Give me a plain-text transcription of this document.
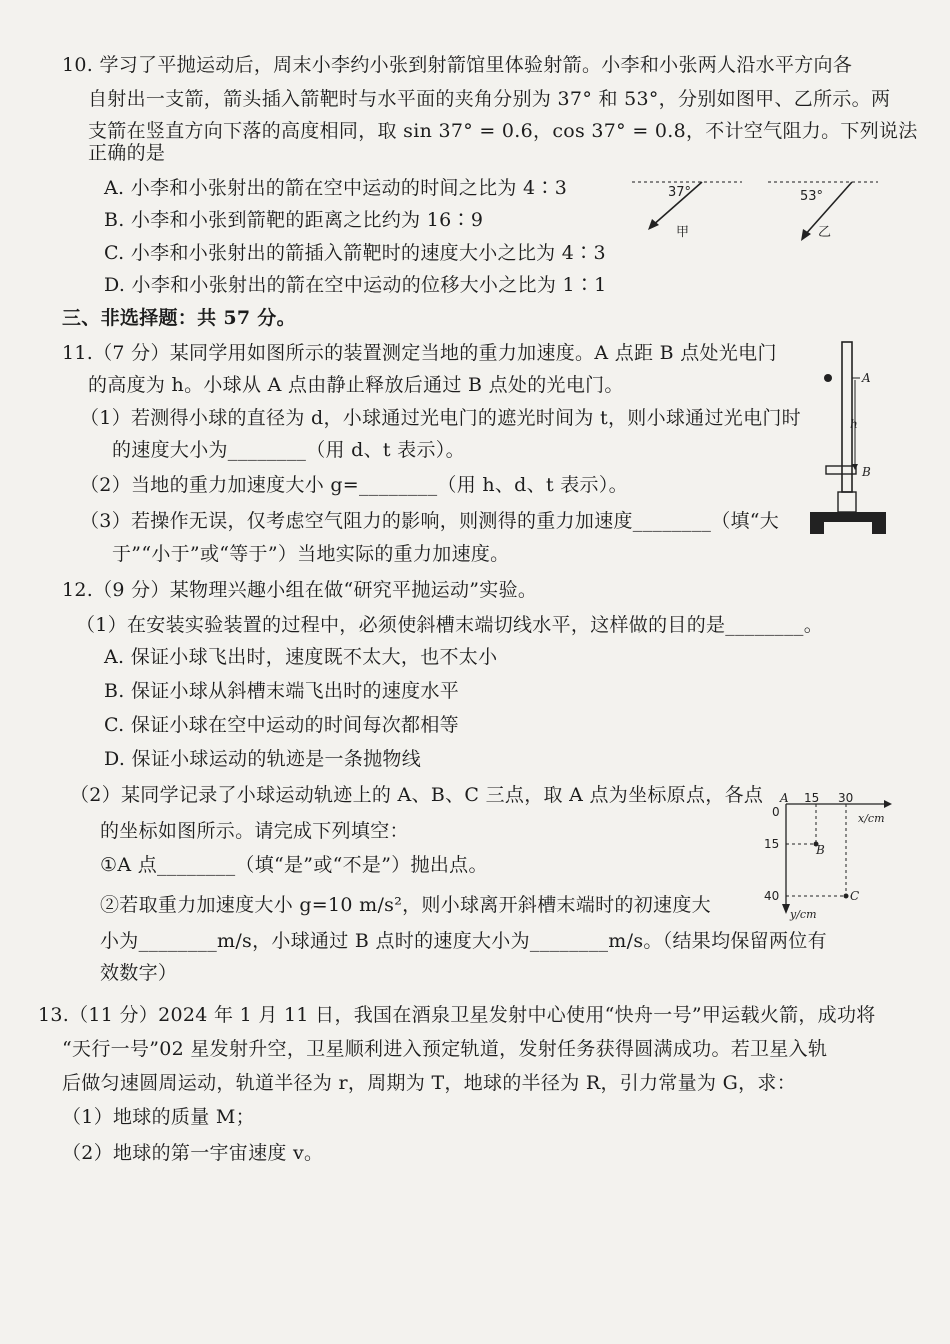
10. 学习了平抛运动后，周末小李约小张到射箭馆里体验射箭。小李和小张两人沿水平方向各
自射出一支箭，箭头插入箭靶时与水平面的夹角分别为 37° 和 53°，分别如图甲、乙所示。两
支箭在竖直方向下落的高度相同，取 sin 37° = 0.6，cos 37° = 0.8，不计空气阻力。下列说法
正确的是
A. 小李和小张射出的箭在空中运动的时间之比为 4∶3
B. 小李和小张到箭靶的距离之比约为 16∶9
C. 小李和小张射出的箭插入箭靶时的速度大小之比为 4∶3
D. 小李和小张射出的箭在空中运动的位移大小之比为 1∶1
37°
甲
53°
乙
三、非选择题：共 57 分。
11.（7 分）某同学用如图所示的装置测定当地的重力加速度。A 点距 B 点处光电门
的高度为 h。小球从 A 点由静止释放后通过 B 点处的光电门。
（1）若测得小球的直径为 d，小球通过光电门的遮光时间为 t，则小球通过光电门时
的速度大小为________（用 d、t 表示）。
（2）当地的重力加速度大小 g=________（用 h、d、t 表示）。
（3）若操作无误，仅考虑空气阻力的影响，则测得的重力加速度________（填“大
于”“小于”或“等于”）当地实际的重力加速度。
A
h
B
12.（9 分）某物理兴趣小组在做“研究平抛运动”实验。
（1）在安装实验装置的过程中，必须使斜槽末端切线水平，这样做的目的是________。
A. 保证小球飞出时，速度既不太大，也不太小
B. 保证小球从斜槽末端飞出时的速度水平
C. 保证小球在空中运动的时间每次都相等
D. 保证小球运动的轨迹是一条抛物线
（2）某同学记录了小球运动轨迹上的 A、B、C 三点，取 A 点为坐标原点，各点
的坐标如图所示。请完成下列填空：
①A 点________（填“是”或“不是”）抛出点。
②若取重力加速度大小 g=10 m/s²，则小球离开斜槽末端时的初速度大
小为________m/s，小球通过 B 点时的速度大小为________m/s。（结果均保留两位有
效数字）
A
0
15 30
x/cm
15
40
y/cm
B
C
13.（11 分）2024 年 1 月 11 日，我国在酒泉卫星发射中心使用“快舟一号”甲运载火箭，成功将
“天行一号”02 星发射升空，卫星顺利进入预定轨道，发射任务获得圆满成功。若卫星入轨
后做匀速圆周运动，轨道半径为 r，周期为 T，地球的半径为 R，引力常量为 G，求：
（1）地球的质量 M；
（2）地球的第一宇宙速度 v。
